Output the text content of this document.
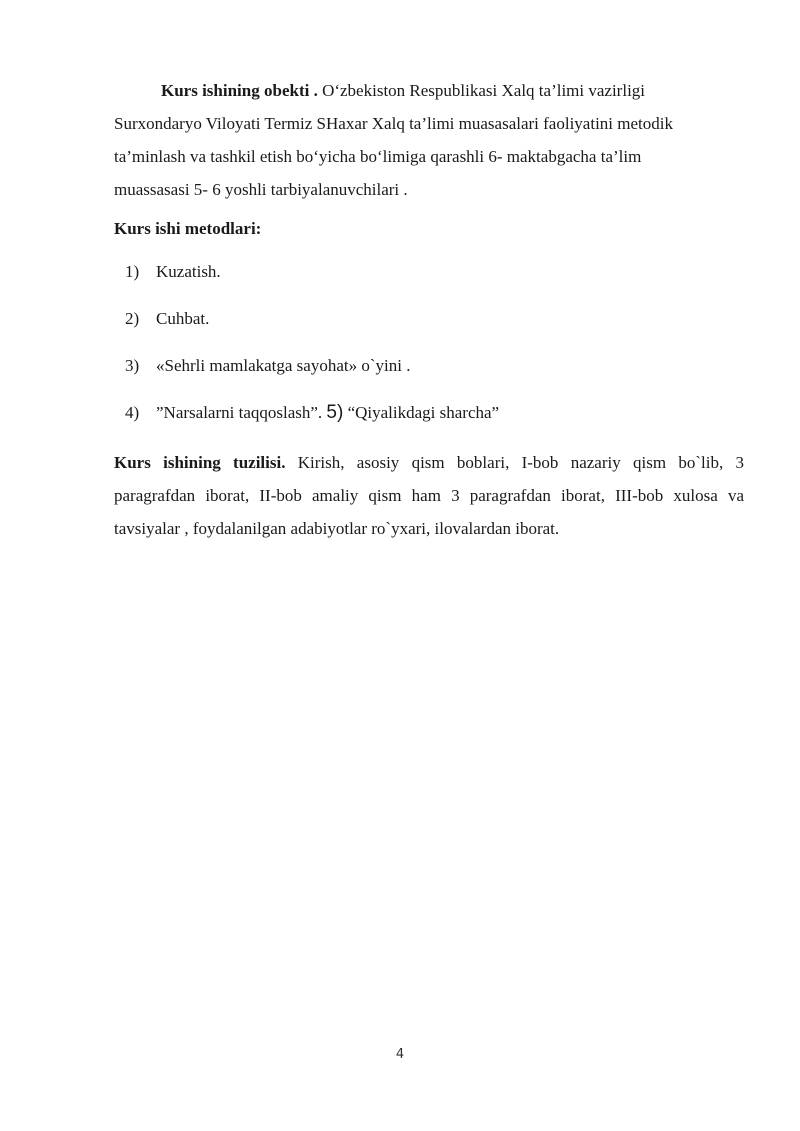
Kurs ishining obekti . O‘zbekiston Respublikasi Xalq ta’limi vazirligi
Surxondaryo Viloyati Termiz SHaxar Xalq ta’limi muasasalari faoliyatini metodik
ta’minlash va tashkil etish bo‘yicha bo‘limiga qarashli 6- maktabgacha ta’lim
muassasasi 5- 6 yoshli tarbiyalanuvchilari .
Kurs ishi metodlari:
1) Kuzatish.
2) Cuhbat.
3) «Sehrli mamlakatga sayohat» o`yini .
4) ”Narsalarni taqqoslash”. 5) “Qiyalikdagi sharcha”
Kurs ishining tuzilisi. Kirish, asosiy qism boblari, I-bob nazariy qism bo`lib, 3
paragrafdan iborat, II-bob amaliy qism ham 3 paragrafdan iborat, III-bob xulosa va
tavsiyalar , foydalanilgan adabiyotlar ro`yxari, ilovalardan iborat.
4
